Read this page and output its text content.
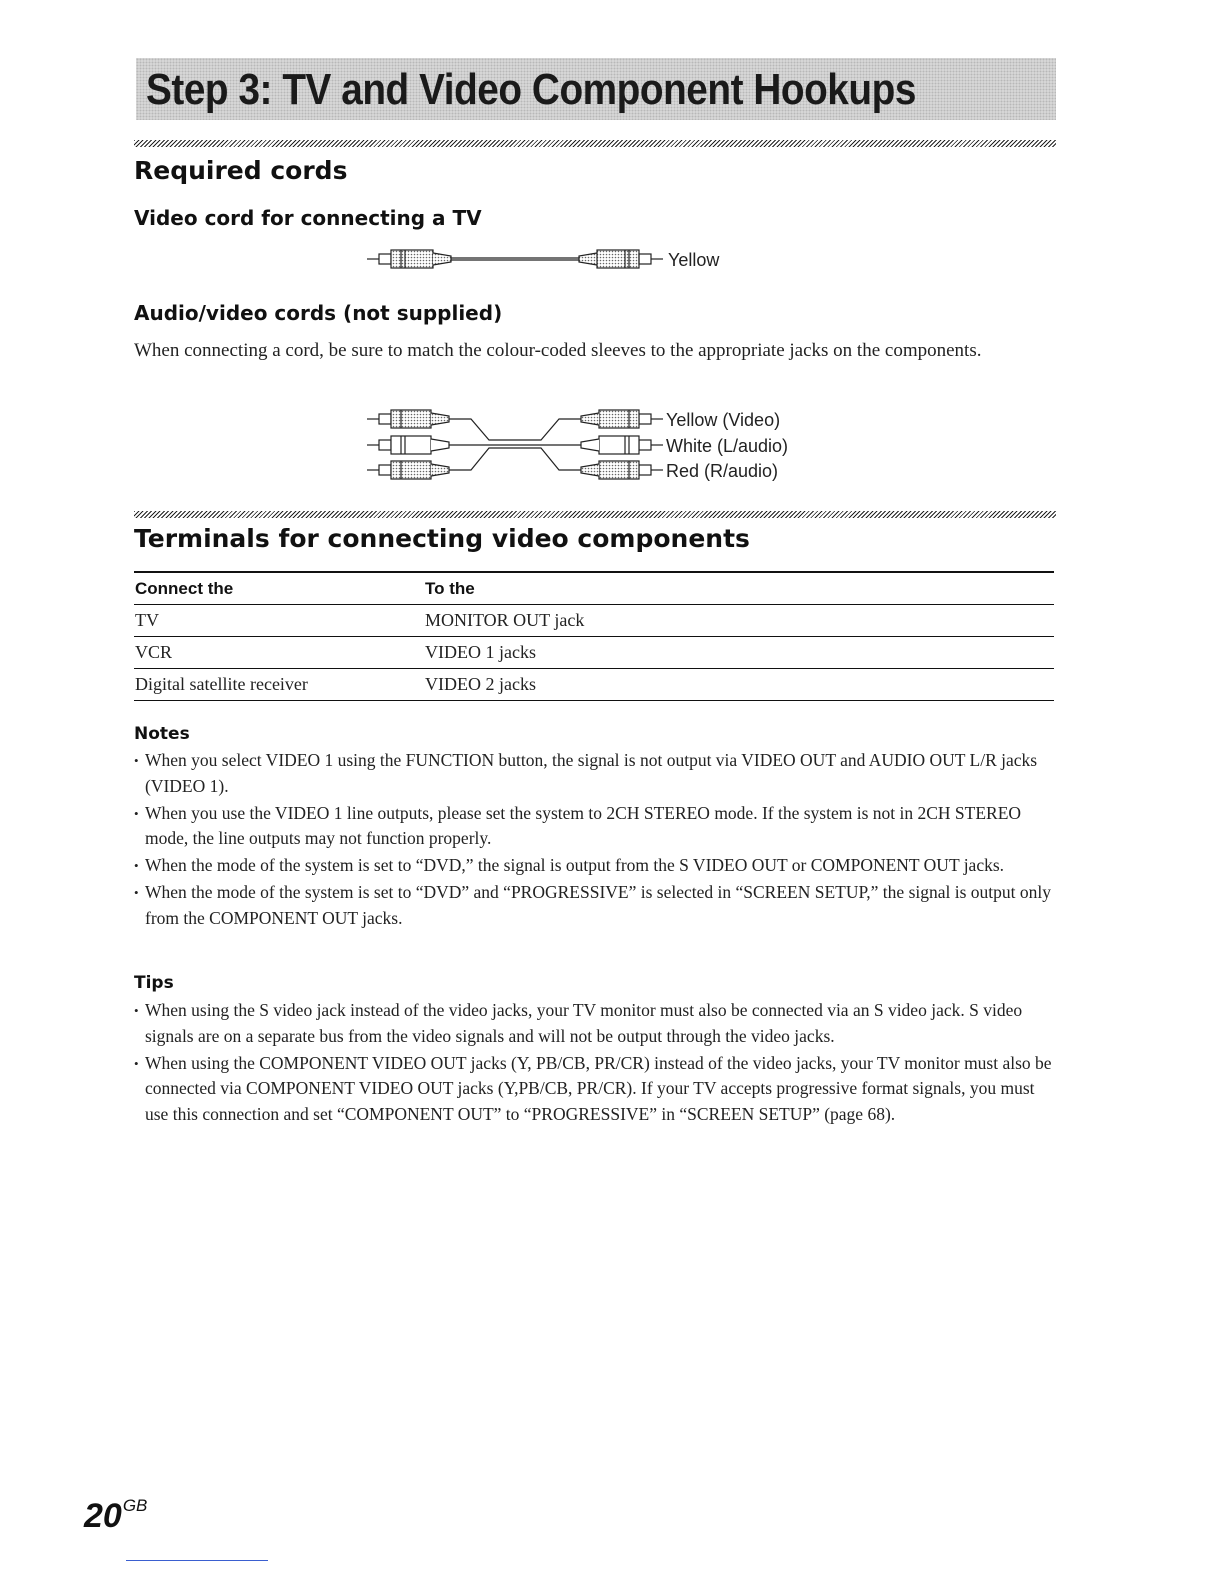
Step 3: TV and Video Component Hookups
Required cords
Video cord for connecting a TV
Yellow
Audio/video cords (not supplied)

When connecting a cord, be sure to match the colour-coded sleeves to the appropriate jacks on the components.

Yellow (Video)
White (L/audio)
Red (R/audio)
Terminals for connecting video components
Connect the	To the
TV	MONITOR OUT jack
VCR	VIDEO 1 jacks
Digital satellite receiver	VIDEO 2 jacks
Notes
• When you select VIDEO 1 using the FUNCTION button, the signal is not output via VIDEO OUT and AUDIO OUT L/R jacks (VIDEO 1).
• When you use the VIDEO 1 line outputs, please set the system to 2CH STEREO mode. If the system is not in 2CH STEREO mode, the line outputs may not function properly.
• When the mode of the system is set to “DVD,” the signal is output from the S VIDEO OUT or COMPONENT OUT jacks.
• When the mode of the system is set to “DVD” and “PROGRESSIVE” is selected in “SCREEN SETUP,” the signal is output only from the COMPONENT OUT jacks.
Tips
• When using the S video jack instead of the video jacks, your TV monitor must also be connected via an S video jack. S video signals are on a separate bus from the video signals and will not be output through the video jacks.
• When using the COMPONENT VIDEO OUT jacks (Y, PB/CB, PR/CR) instead of the video jacks, your TV monitor must also be connected via COMPONENT VIDEO OUT jacks (Y,PB/CB, PR/CR). If your TV accepts progressive format signals, you must use this connection and set “COMPONENT OUT” to “PROGRESSIVE” in “SCREEN SETUP” (page 68).
$20^{GB}$
